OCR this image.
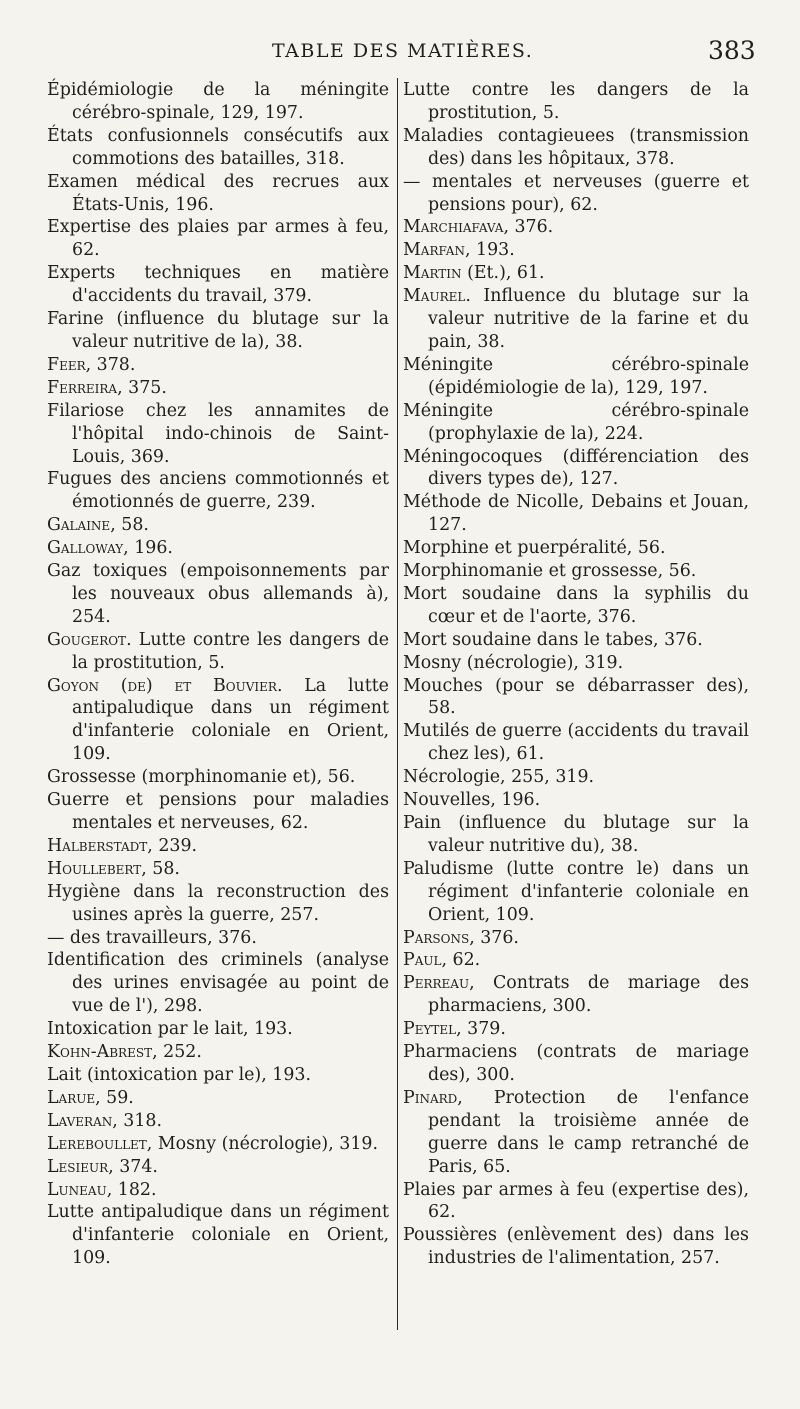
TABLE DES MATIÈRES.	383
Épidémiologie de la méningite cérébro-spinale, 129, 197.
États confusionnels consécutifs aux commotions des batailles, 318.
Examen médical des recrues aux États-Unis, 196.
Expertise des plaies par armes à feu, 62.
Experts techniques en matière d'accidents du travail, 379.
Farine (influence du blutage sur la valeur nutritive de la), 38.
Feer, 378.
Ferreira, 375.
Filariose chez les annamites de l'hôpital indo-chinois de Saint-Louis, 369.
Fugues des anciens commotionnés et émotionnés de guerre, 239.
Galaine, 58.
Galloway, 196.
Gaz toxiques (empoisonnements par les nouveaux obus allemands à), 254.
Gougerot. Lutte contre les dangers de la prostitution, 5.
Goyon (de) et Bouvier. La lutte antipaludique dans un régiment d'infanterie coloniale en Orient, 109.
Grossesse (morphinomanie et), 56.
Guerre et pensions pour maladies mentales et nerveuses, 62.
Halberstadt, 239.
Houllebert, 58.
Hygiène dans la reconstruction des usines après la guerre, 257.
— des travailleurs, 376.
Identification des criminels (analyse des urines envisagée au point de vue de l'), 298.
Intoxication par le lait, 193.
Kohn-Abrest, 252.
Lait (intoxication par le), 193.
Larue, 59.
Laveran, 318.
Lereboullet, Mosny (nécrologie), 319.
Lesieur, 374.
Luneau, 182.
Lutte antipaludique dans un régiment d'infanterie coloniale en Orient, 109.
Lutte contre les dangers de la prostitution, 5.
Maladies contagieuees (transmission des) dans les hôpitaux, 378.
— mentales et nerveuses (guerre et pensions pour), 62.
Marchiafava, 376.
Marfan, 193.
Martin (Et.), 61.
Maurel. Influence du blutage sur la valeur nutritive de la farine et du pain, 38.
Méningite cérébro-spinale (épidémiologie de la), 129, 197.
Méningite cérébro-spinale (prophylaxie de la), 224.
Méningocoques (différenciation des divers types de), 127.
Méthode de Nicolle, Debains et Jouan, 127.
Morphine et puerpéralité, 56.
Morphinomanie et grossesse, 56.
Mort soudaine dans la syphilis du cœur et de l'aorte, 376.
Mort soudaine dans le tabes, 376.
Mosny (nécrologie), 319.
Mouches (pour se débarrasser des), 58.
Mutilés de guerre (accidents du travail chez les), 61.
Nécrologie, 255, 319.
Nouvelles, 196.
Pain (influence du blutage sur la valeur nutritive du), 38.
Paludisme (lutte contre le) dans un régiment d'infanterie coloniale en Orient, 109.
Parsons, 376.
Paul, 62.
Perreau, Contrats de mariage des pharmaciens, 300.
Peytel, 379.
Pharmaciens (contrats de mariage des), 300.
Pinard, Protection de l'enfance pendant la troisième année de guerre dans le camp retranché de Paris, 65.
Plaies par armes à feu (expertise des), 62.
Poussières (enlèvement des) dans les industries de l'alimentation, 257.
